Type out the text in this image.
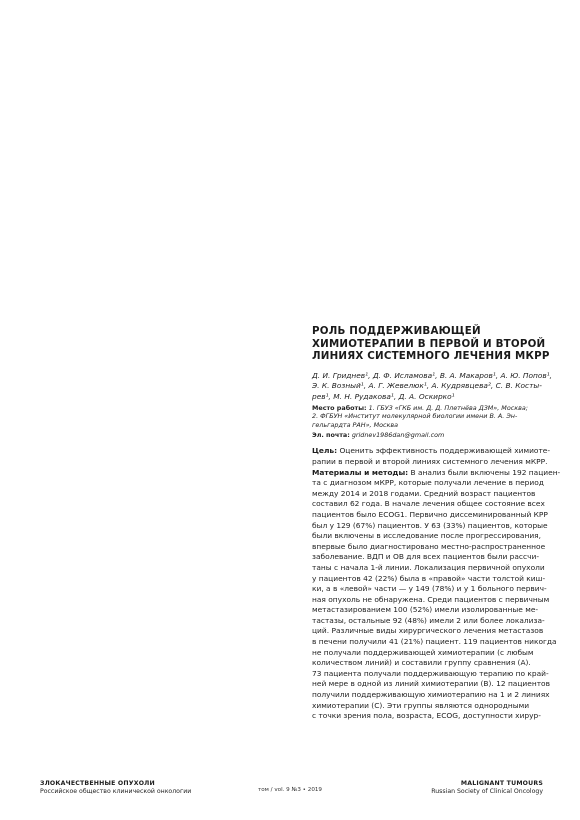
РОЛЬ ПОДДЕРЖИВАЮЩЕЙ
ХИМИОТЕРАПИИ В ПЕРВОЙ И ВТОРОЙ
ЛИНИЯХ СИСТЕМНОГО ЛЕЧЕНИЯ МКРР
Д. И. Гриднев¹, Д. Ф. Исламова¹, В. А. Макаров¹, А. Ю. Попов¹,
Э. К. Возный¹, А. Г. Жевелюк¹, А. Кудрявцева², С. В. Косты-
рев¹, М. Н. Рудакова¹, Д. А. Оскирко¹
Место работы: 1. ГБУЗ «ГКБ им. Д. Д. Плетнёва ДЗМ», Москва;
2. ФГБУН «Институт молекулярной биологии имени В. А. Эн-
гельгардта РАН», Москва
Эл. почта: gridnev1986dan@gmail.com
Цель: Оценить эффективность поддерживающей химиоте-
рапии в первой и второй линиях системного лечения мКРР.
Материалы и методы: В анализ были включены 192 пациен-
та с диагнозом мКРР, которые получали лечение в период
между 2014 и 2018 годами. Средний возраст пациентов
составил 62 года. В начале лечения общее состояние всех
пациентов было ECOG1. Первично диссеминированный КРР
был у 129 (67%) пациентов. У 63 (33%) пациентов, которые
были включены в исследование после прогрессирования,
впервые было диагностировано местно-распространенное
заболевание. ВДП и ОВ для всех пациентов были рассчи-
таны с начала 1-й линии. Локализация первичной опухоли
у пациентов 42 (22%) была в «правой» части толстой киш-
ки, а в «левой» части — у 149 (78%) и у 1 больного первич-
ная опухоль не обнаружена. Среди пациентов с первичным
метастазированием 100 (52%) имели изолированные ме-
тастазы, остальные 92 (48%) имели 2 или более локализа-
ций. Различные виды хирургического лечения метастазов
в печени получили 41 (21%) пациент. 119 пациентов никогда
не получали поддерживающей химиотерапии (с любым
количеством линий) и составили группу сравнения (A).
73 пациента получали поддерживающую терапию по край-
ней мере в одной из линий химиотерапии (B). 12 пациентов
получили поддерживающую химиотерапию на 1 и 2 линиях
химиотерапии (C). Эти группы являются однородными
с точки зрения пола, возраста, ECOG, доступности хирур-
ЗЛОКАЧЕСТВЕННЫЕ ОПУХОЛИ
Российское общество клинической онкологии	том / vol. 9 №3 • 2019
MALIGNANT TUMOURS
Russian Society of Clinical Oncology
